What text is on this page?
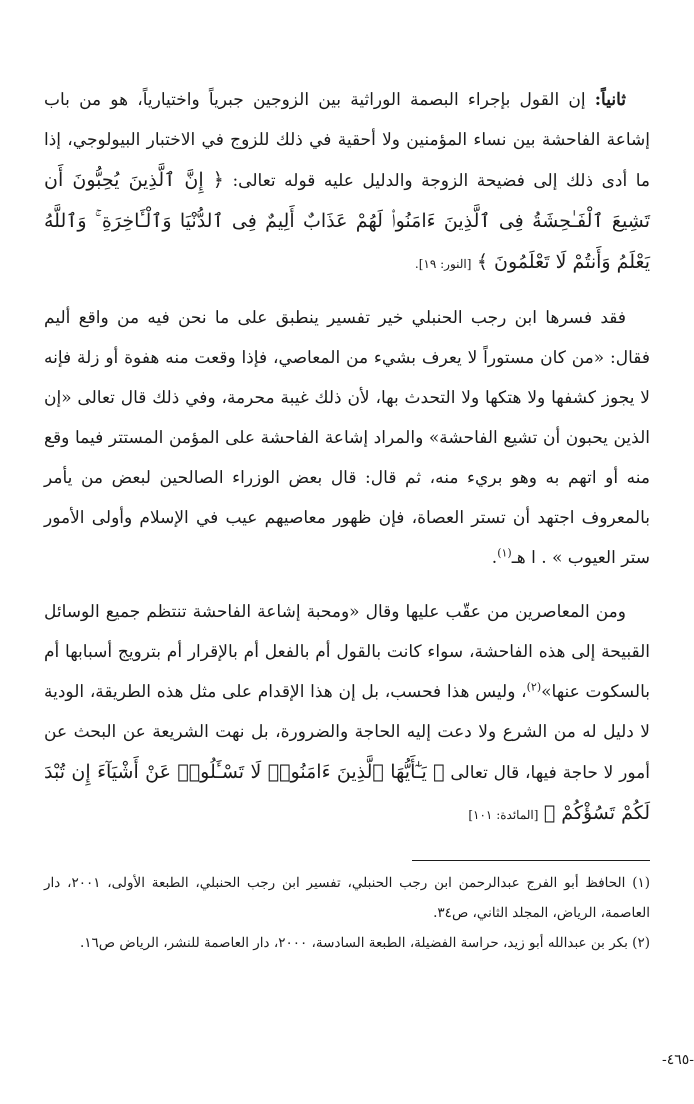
ثانياً: إن القول بإجراء البصمة الوراثية بين الزوجين جبرياً واختيارياً، هو من باب إشاعة الفاحشة بين نساء المؤمنين ولا أحقية في ذلك للزوج في الاختبار البيولوجي، إذا ما أدى ذلك إلى فضيحة الزوجة والدليل عليه قوله تعالى: ﴿ إِنَّ ٱلَّذِينَ يُحِبُّونَ أَن تَشِيعَ ٱلْفَـٰحِشَةُ فِى ٱلَّذِينَ ءَامَنُوا۟ لَهُمْ عَذَابٌ أَلِيمٌ فِى ٱلدُّنْيَا وَٱلْـَٔاخِرَةِ ۚ وَٱللَّهُ يَعْلَمُ وَأَنتُمْ لَا تَعْلَمُونَ ﴾ [النور: ١٩].

فقد فسرها ابن رجب الحنبلي خير تفسير ينطبق على ما نحن فيه من واقع أليم فقال: «من كان مستوراً لا يعرف بشيء من المعاصي، فإذا وقعت منه هفوة أو زلة فإنه لا يجوز كشفها ولا هتكها ولا التحدث بها، لأن ذلك غيبة محرمة، وفي ذلك قال تعالى «إن الذين يحبون أن تشيع الفاحشة» والمراد إشاعة الفاحشة على المؤمن المستتر فيما وقع منه أو اتهم به وهو بريء منه، ثم قال: قال بعض الوزراء الصالحين لبعض من يأمر بالمعروف اجتهد أن تستر العصاة، فإن ظهور معاصيهم عيب في الإسلام وأولى الأمور ستر العيوب » . ا هـ$^{(١)}$.

ومن المعاصرين من عقّب عليها وقال «ومحبة إشاعة الفاحشة تنتظم جميع الوسائل القبيحة إلى هذه الفاحشة، سواء كانت بالقول أم بالفعل أم بالإقرار أم بترويج أسبابها أم بالسكوت عنها»$^{(٢)}$، وليس هذا فحسب، بل إن هذا الإقدام على مثل هذه الطريقة، الودية لا دليل له من الشرع ولا دعت إليه الحاجة والضرورة، بل نهت الشريعة عن البحث عن أمور لا حاجة فيها، قال تعالى ﴿ يَـٰٓأَيُّهَا ٱلَّذِينَ ءَامَنُوا۟ لَا تَسْـَٔلُوا۟ عَنْ أَشْيَآءَ إِن تُبْدَ لَكُمْ تَسُؤْكُمْ ﴾ [المائدة: ١٠١]

(١) الحافظ أبو الفرج عبدالرحمن ابن رجب الحنبلي، تفسير ابن رجب الحنبلي، الطبعة الأولى، ٢٠٠١، دار العاصمة، الرياض، المجلد الثاني، ص٣٤.

(٢) بكر بن عبدالله أبو زيد، حراسة الفضيلة، الطبعة السادسة، ٢٠٠٠، دار العاصمة للنشر، الرياض ص١٦.

-٤٦٥-
